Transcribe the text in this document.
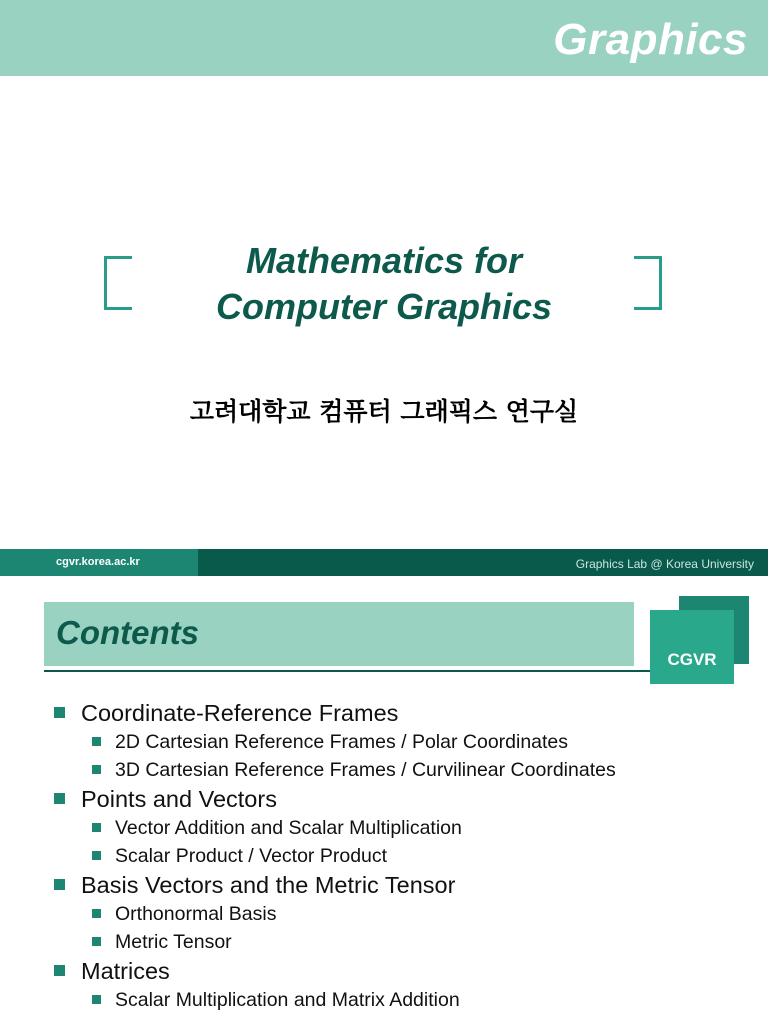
Graphics
Mathematics for
Computer Graphics
고려대학교 컴퓨터 그래픽스 연구실
cgvr.korea.ac.kr	Graphics Lab @ Korea University
Contents
CGVR
Coordinate-Reference Frames
2D Cartesian Reference Frames / Polar Coordinates
3D Cartesian Reference Frames / Curvilinear Coordinates
Points and Vectors
Vector Addition and Scalar Multiplication
Scalar Product / Vector Product
Basis Vectors and the Metric Tensor
Orthonormal Basis
Metric Tensor
Matrices
Scalar Multiplication and Matrix Addition
